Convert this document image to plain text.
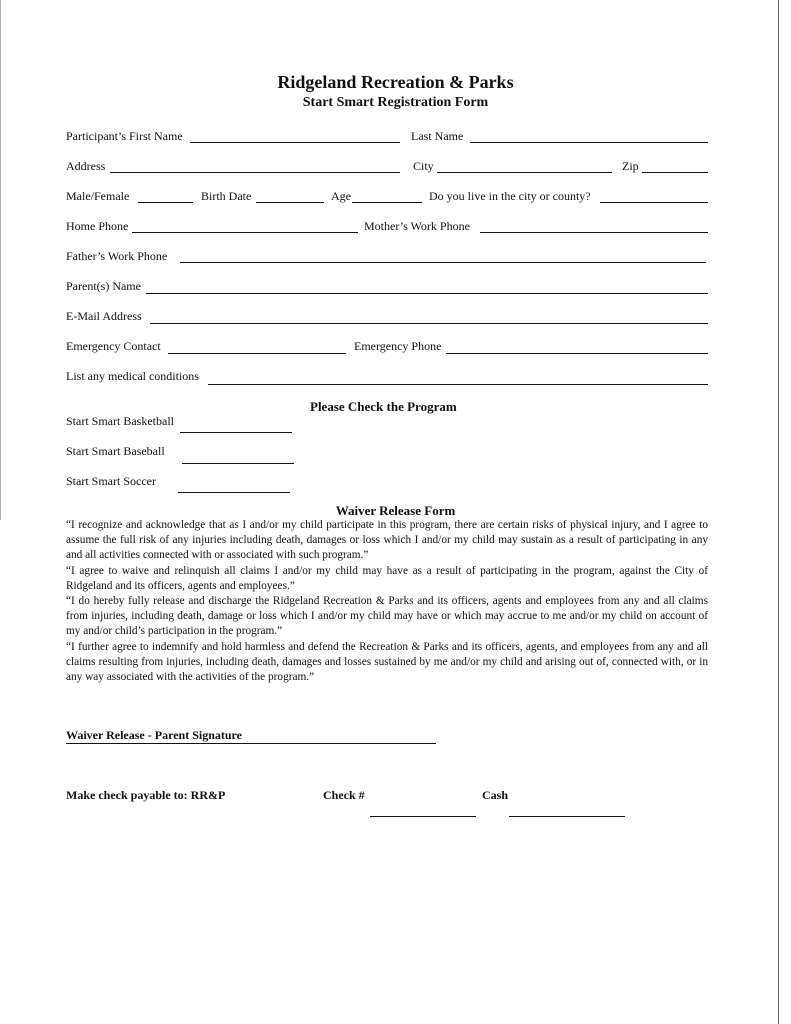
Ridgeland Recreation & Parks
Start Smart Registration Form
Participant’s First Name	Last Name
Address	City	Zip
Male/Female	Birth Date	Age	Do you live in the city or county?
Home Phone	Mother’s Work Phone
Father’s Work Phone
Parent(s) Name
E-Mail Address
Emergency Contact	Emergency Phone
List any medical conditions
Please Check the Program
Start Smart Basketball
Start Smart Baseball
Start Smart Soccer
Waiver Release Form

“I recognize and acknowledge that as I and/or my child participate in this program, there are certain risks of physical injury, and I agree to assume the full risk of any injuries including death, damages or loss which I and/or my child may sustain as a result of participating in any and all activities connected with or associated with such program.”

“I agree to waive and relinquish all claims I and/or my child may have as a result of participating in the program, against the City of Ridgeland and its officers, agents and employees.”

“I do hereby fully release and discharge the Ridgeland Recreation & Parks and its officers, agents and employees from any and all claims from injuries, including death, damage or loss which I and/or my child may have or which may accrue to me and/or my child on account of my and/or child’s participation in the program.”

“I further agree to indemnify and hold harmless and defend the Recreation & Parks and its officers, agents, and employees from any and all claims resulting from injuries, including death, damages and losses sustained by me and/or my child and arising out of, connected with, or in any way associated with the activities of the program.”

Waiver Release - Parent Signature
Make check payable to: RR&P	Check #	Cash
